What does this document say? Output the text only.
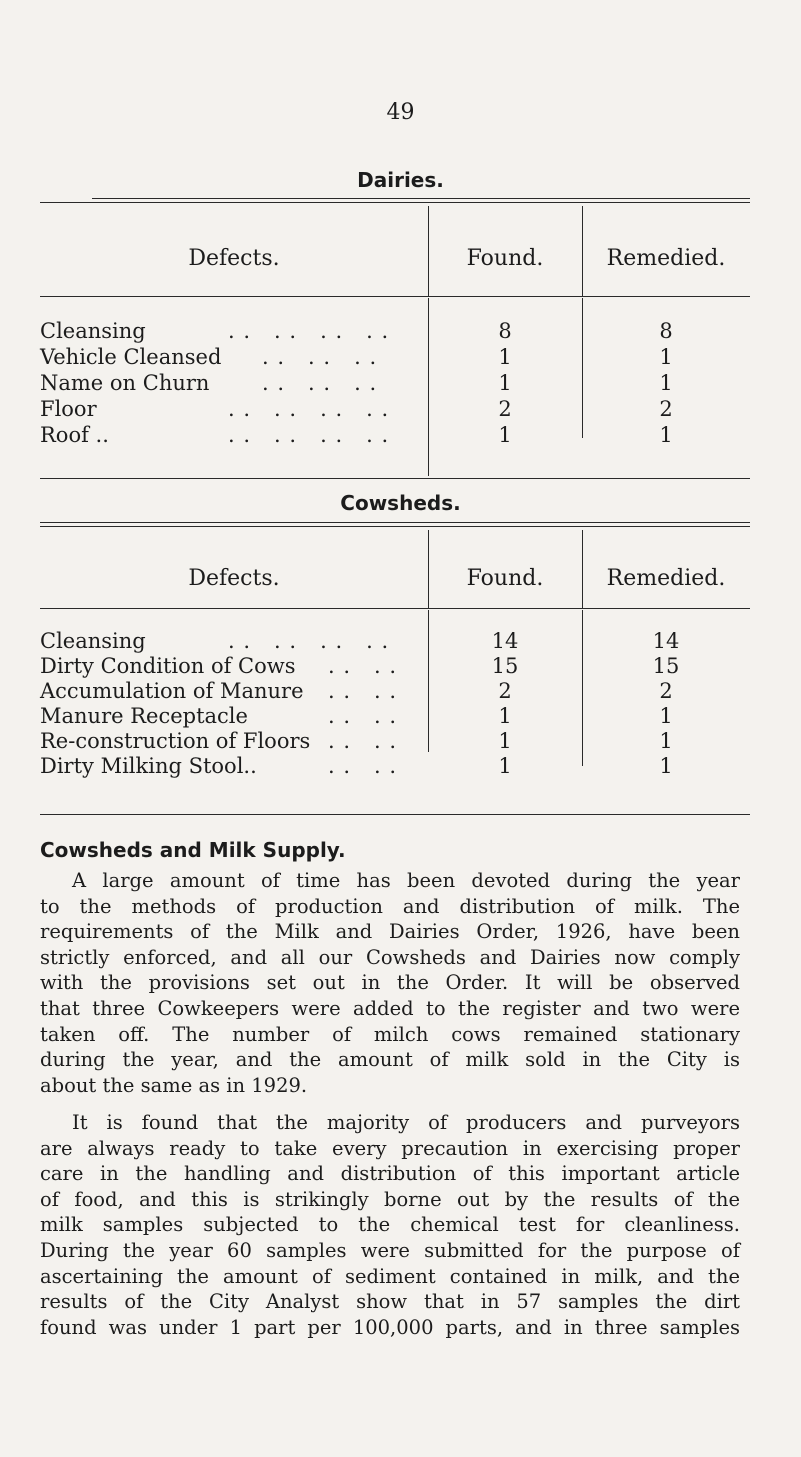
49
Dairies.
Defects.	Found.	Remedied.
Cleansing	. .   . .   . .   . .	8	8
Vehicle Cleansed . .   . .   . .	1	1
Name on Churn	. .   . .   . .	1	1
Floor	. .   . .   . .   . .	2	2
Roof ..	. .   . .   . .   . .	1	1
Cowsheds.
Defects.	Found.	Remedied.
Cleansing	. .   . .   . .   . .	14	14
Dirty Condition of Cows . .   . .	15	15
Accumulation of Manure . .   . .	2	2
Manure Receptacle	. .   . .	1	1
Re-construction of Floors . .   . .	1	1
Dirty Milking Stool..	. .   . .	1	1
Cowsheds and Milk Supply.
A large amount of time has been devoted during the year
to the methods of production and distribution of milk. The
requirements of the Milk and Dairies Order, 1926, have been
strictly enforced, and all our Cowsheds and Dairies now comply
with the provisions set out in the Order. It will be observed
that three Cowkeepers were added to the register and two were
taken off. The number of milch cows remained stationary
during the year, and the amount of milk sold in the City is
about the same as in 1929.
It is found that the majority of producers and purveyors
are always ready to take every precaution in exercising proper
care in the handling and distribution of this important article
of food, and this is strikingly borne out by the results of the
milk samples subjected to the chemical test for cleanliness.
During the year 60 samples were submitted for the purpose of
ascertaining the amount of sediment contained in milk, and the
results of the City Analyst show that in 57 samples the dirt
found was under 1 part per 100,000 parts, and in three samples
